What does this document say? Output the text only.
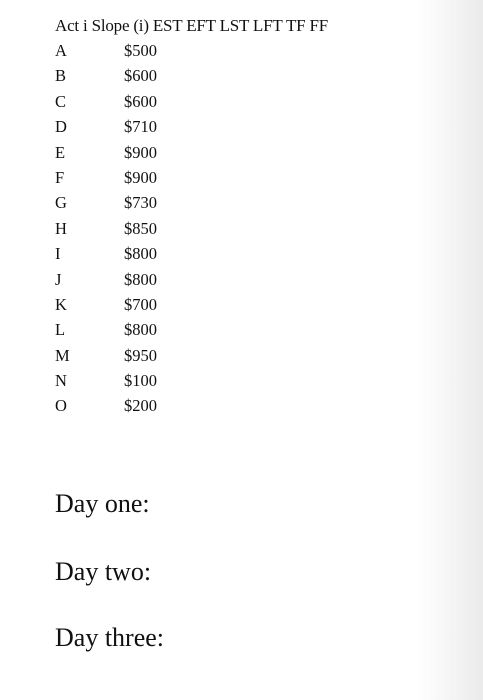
Act i Slope (i) EST EFT LST LFT TF FF
A	$500
B	$600
C	$600
D	$710
E	$900
F	$900
G	$730
H	$850
I	$800
J	$800
K	$700
L	$800
M	$950
N	$100
O	$200
Day one:
Day two:
Day three:
